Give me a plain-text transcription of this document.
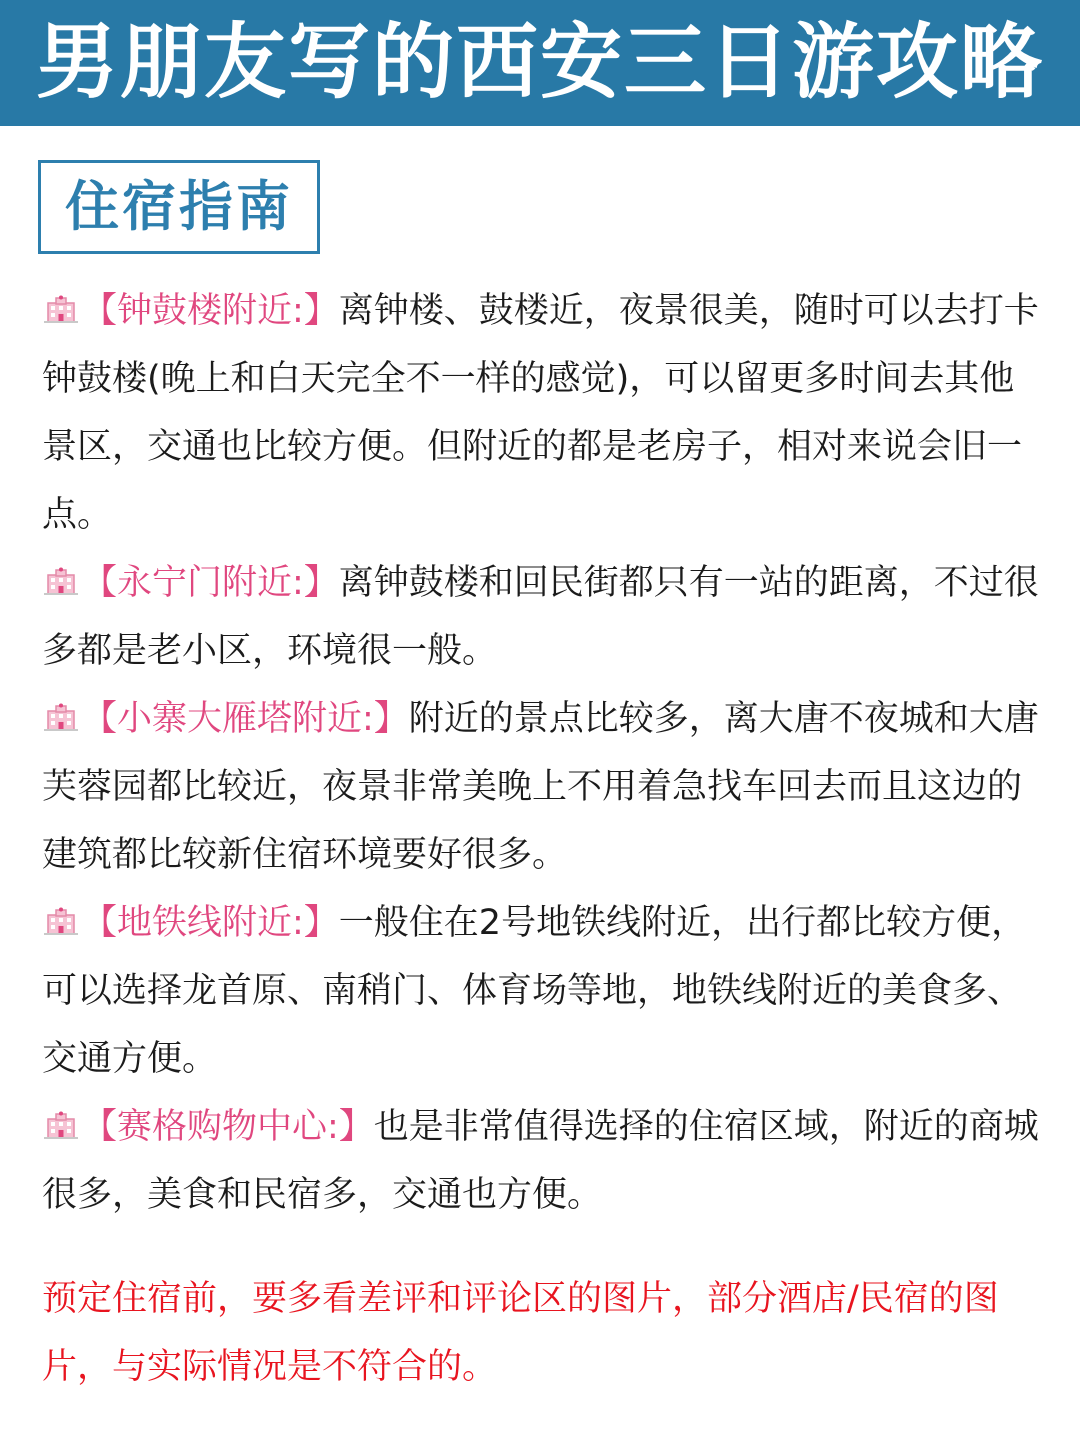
男朋友写的西安三日游攻略
住宿指南
【钟鼓楼附近:】离钟楼、鼓楼近，夜景很美，随时可以去打卡钟鼓楼(晚上和白天完全不一样的感觉)，可以留更多时间去其他景区，交通也比较方便。但附近的都是老房子，相对来说会旧一点。
【永宁门附近:】离钟鼓楼和回民街都只有一站的距离，不过很多都是老小区，环境很一般。
【小寨大雁塔附近:】附近的景点比较多，离大唐不夜城和大唐芙蓉园都比较近，夜景非常美晚上不用着急找车回去而且这边的建筑都比较新住宿环境要好很多。
【地铁线附近:】一般住在2号地铁线附近，出行都比较方便，可以选择龙首原、南稍门、体育场等地，地铁线附近的美食多、交通方便。
【赛格购物中心:】也是非常值得选择的住宿区域，附近的商城很多，美食和民宿多，交通也方便。
预定住宿前，要多看差评和评论区的图片，部分酒店/民宿的图片，与实际情况是不符合的。
